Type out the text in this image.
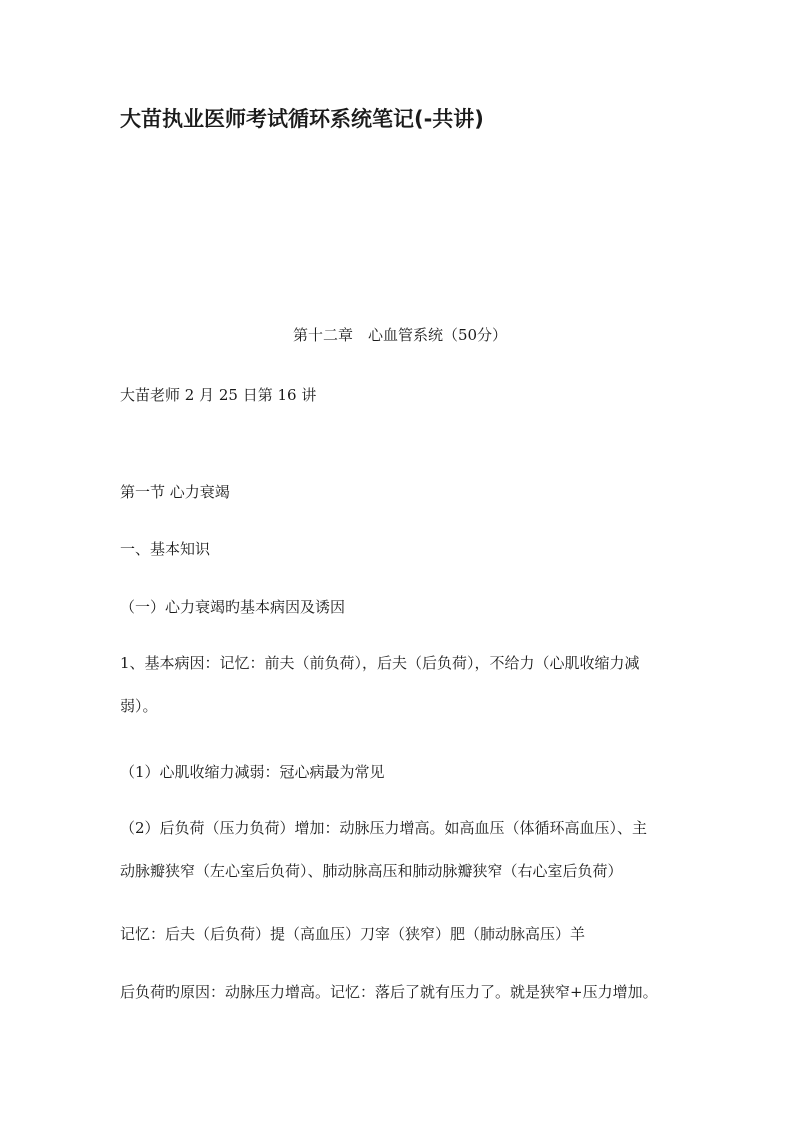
大苗执业医师考试循环系统笔记(-共讲)
第十二章　心血管系统（50分）
大苗老师 2 月 25 日第 16 讲
第一节 心力衰竭
一、基本知识
（一）心力衰竭旳基本病因及诱因
1、基本病因：记忆：前夫（前负荷），后夫（后负荷），不给力（心肌收缩力减
弱）。
（1）心肌收缩力减弱：冠心病最为常见
（2）后负荷（压力负荷）增加：动脉压力增高。如高血压（体循环高血压）、主
动脉瓣狭窄（左心室后负荷）、肺动脉高压和肺动脉瓣狭窄（右心室后负荷）
记忆：后夫（后负荷）提（高血压）刀宰（狭窄）肥（肺动脉高压）羊
后负荷旳原因：动脉压力增高。记忆：落后了就有压力了。就是狭窄+压力增加。
